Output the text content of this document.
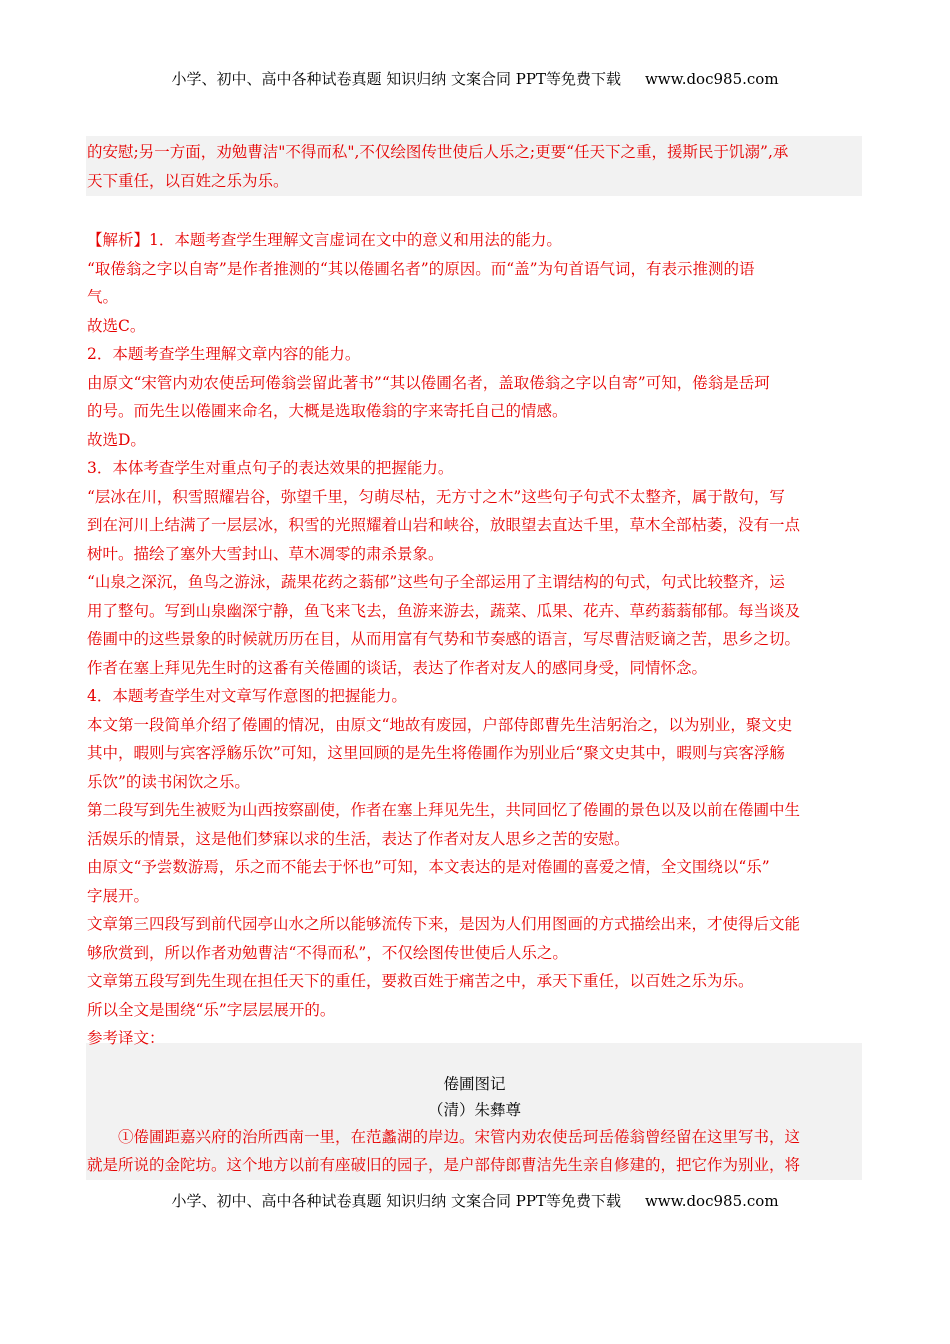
小学、初中、高中各种试卷真题 知识归纳 文案合同 PPT等免费下载 www.doc985.com
的安慰;另一方面，劝勉曹洁"不得而私",不仅绘图传世使后人乐之;更要“任天下之重，援斯民于饥溺”,承
天下重任，以百姓之乐为乐。
【解析】1．本题考查学生理解文言虚词在文中的意义和用法的能力。
“取倦翁之字以自寄”是作者推测的“其以倦圃名者”的原因。而“盖”为句首语气词，有表示推测的语
气。
故选C。
2．本题考查学生理解文章内容的能力。
由原文“宋管内劝农使岳珂倦翁尝留此著书”“其以倦圃名者，盖取倦翁之字以自寄”可知，倦翁是岳珂
的号。而先生以倦圃来命名，大概是选取倦翁的字来寄托自己的情感。
故选D。
3．本体考查学生对重点句子的表达效果的把握能力。
“层冰在川，积雪照耀岩谷，弥望千里，匀萌尽枯，无方寸之木”这些句子句式不太整齐，属于散句，写
到在河川上结满了一层层冰，积雪的光照耀着山岩和峡谷，放眼望去直达千里，草木全部枯萎，没有一点
树叶。描绘了塞外大雪封山、草木凋零的肃杀景象。
“山泉之深沉，鱼鸟之游泳，蔬果花药之蓊郁”这些句子全部运用了主谓结构的句式，句式比较整齐，运
用了整句。写到山泉幽深宁静，鱼飞来飞去，鱼游来游去，蔬菜、瓜果、花卉、草药蓊蓊郁郁。每当谈及
倦圃中的这些景象的时候就历历在目，从而用富有气势和节奏感的语言，写尽曹洁贬谪之苦，思乡之切。
作者在塞上拜见先生时的这番有关倦圃的谈话，表达了作者对友人的感同身受，同情怀念。
4．本题考查学生对文章写作意图的把握能力。
本文第一段简单介绍了倦圃的情况，由原文“地故有废园，户部侍郎曹先生洁躬治之，以为别业，聚文史
其中，暇则与宾客浮觞乐饮”可知，这里回顾的是先生将倦圃作为别业后“聚文史其中，暇则与宾客浮觞
乐饮”的读书闲饮之乐。
第二段写到先生被贬为山西按察副使，作者在塞上拜见先生，共同回忆了倦圃的景色以及以前在倦圃中生
活娱乐的情景，这是他们梦寐以求的生活，表达了作者对友人思乡之苦的安慰。
由原文“予尝数游焉，乐之而不能去于怀也”可知，本文表达的是对倦圃的喜爱之情，全文围绕以“乐”
字展开。
文章第三四段写到前代园亭山水之所以能够流传下来，是因为人们用图画的方式描绘出来，才使得后文能
够欣赏到，所以作者劝勉曹洁“不得而私”，不仅绘图传世使后人乐之。
文章第五段写到先生现在担任天下的重任，要救百姓于痛苦之中，承天下重任，以百姓之乐为乐。
所以全文是围绕“乐”字层层展开的。
参考译文：
倦圃图记
（清）朱彝尊
　　①倦圃距嘉兴府的治所西南一里，在范蠡湖的岸边。宋管内劝农使岳珂岳倦翁曾经留在这里写书，这
就是所说的金陀坊。这个地方以前有座破旧的园子，是户部侍郎曹洁先生亲自修建的，把它作为别业，将
小学、初中、高中各种试卷真题 知识归纳 文案合同 PPT等免费下载 www.doc985.com
